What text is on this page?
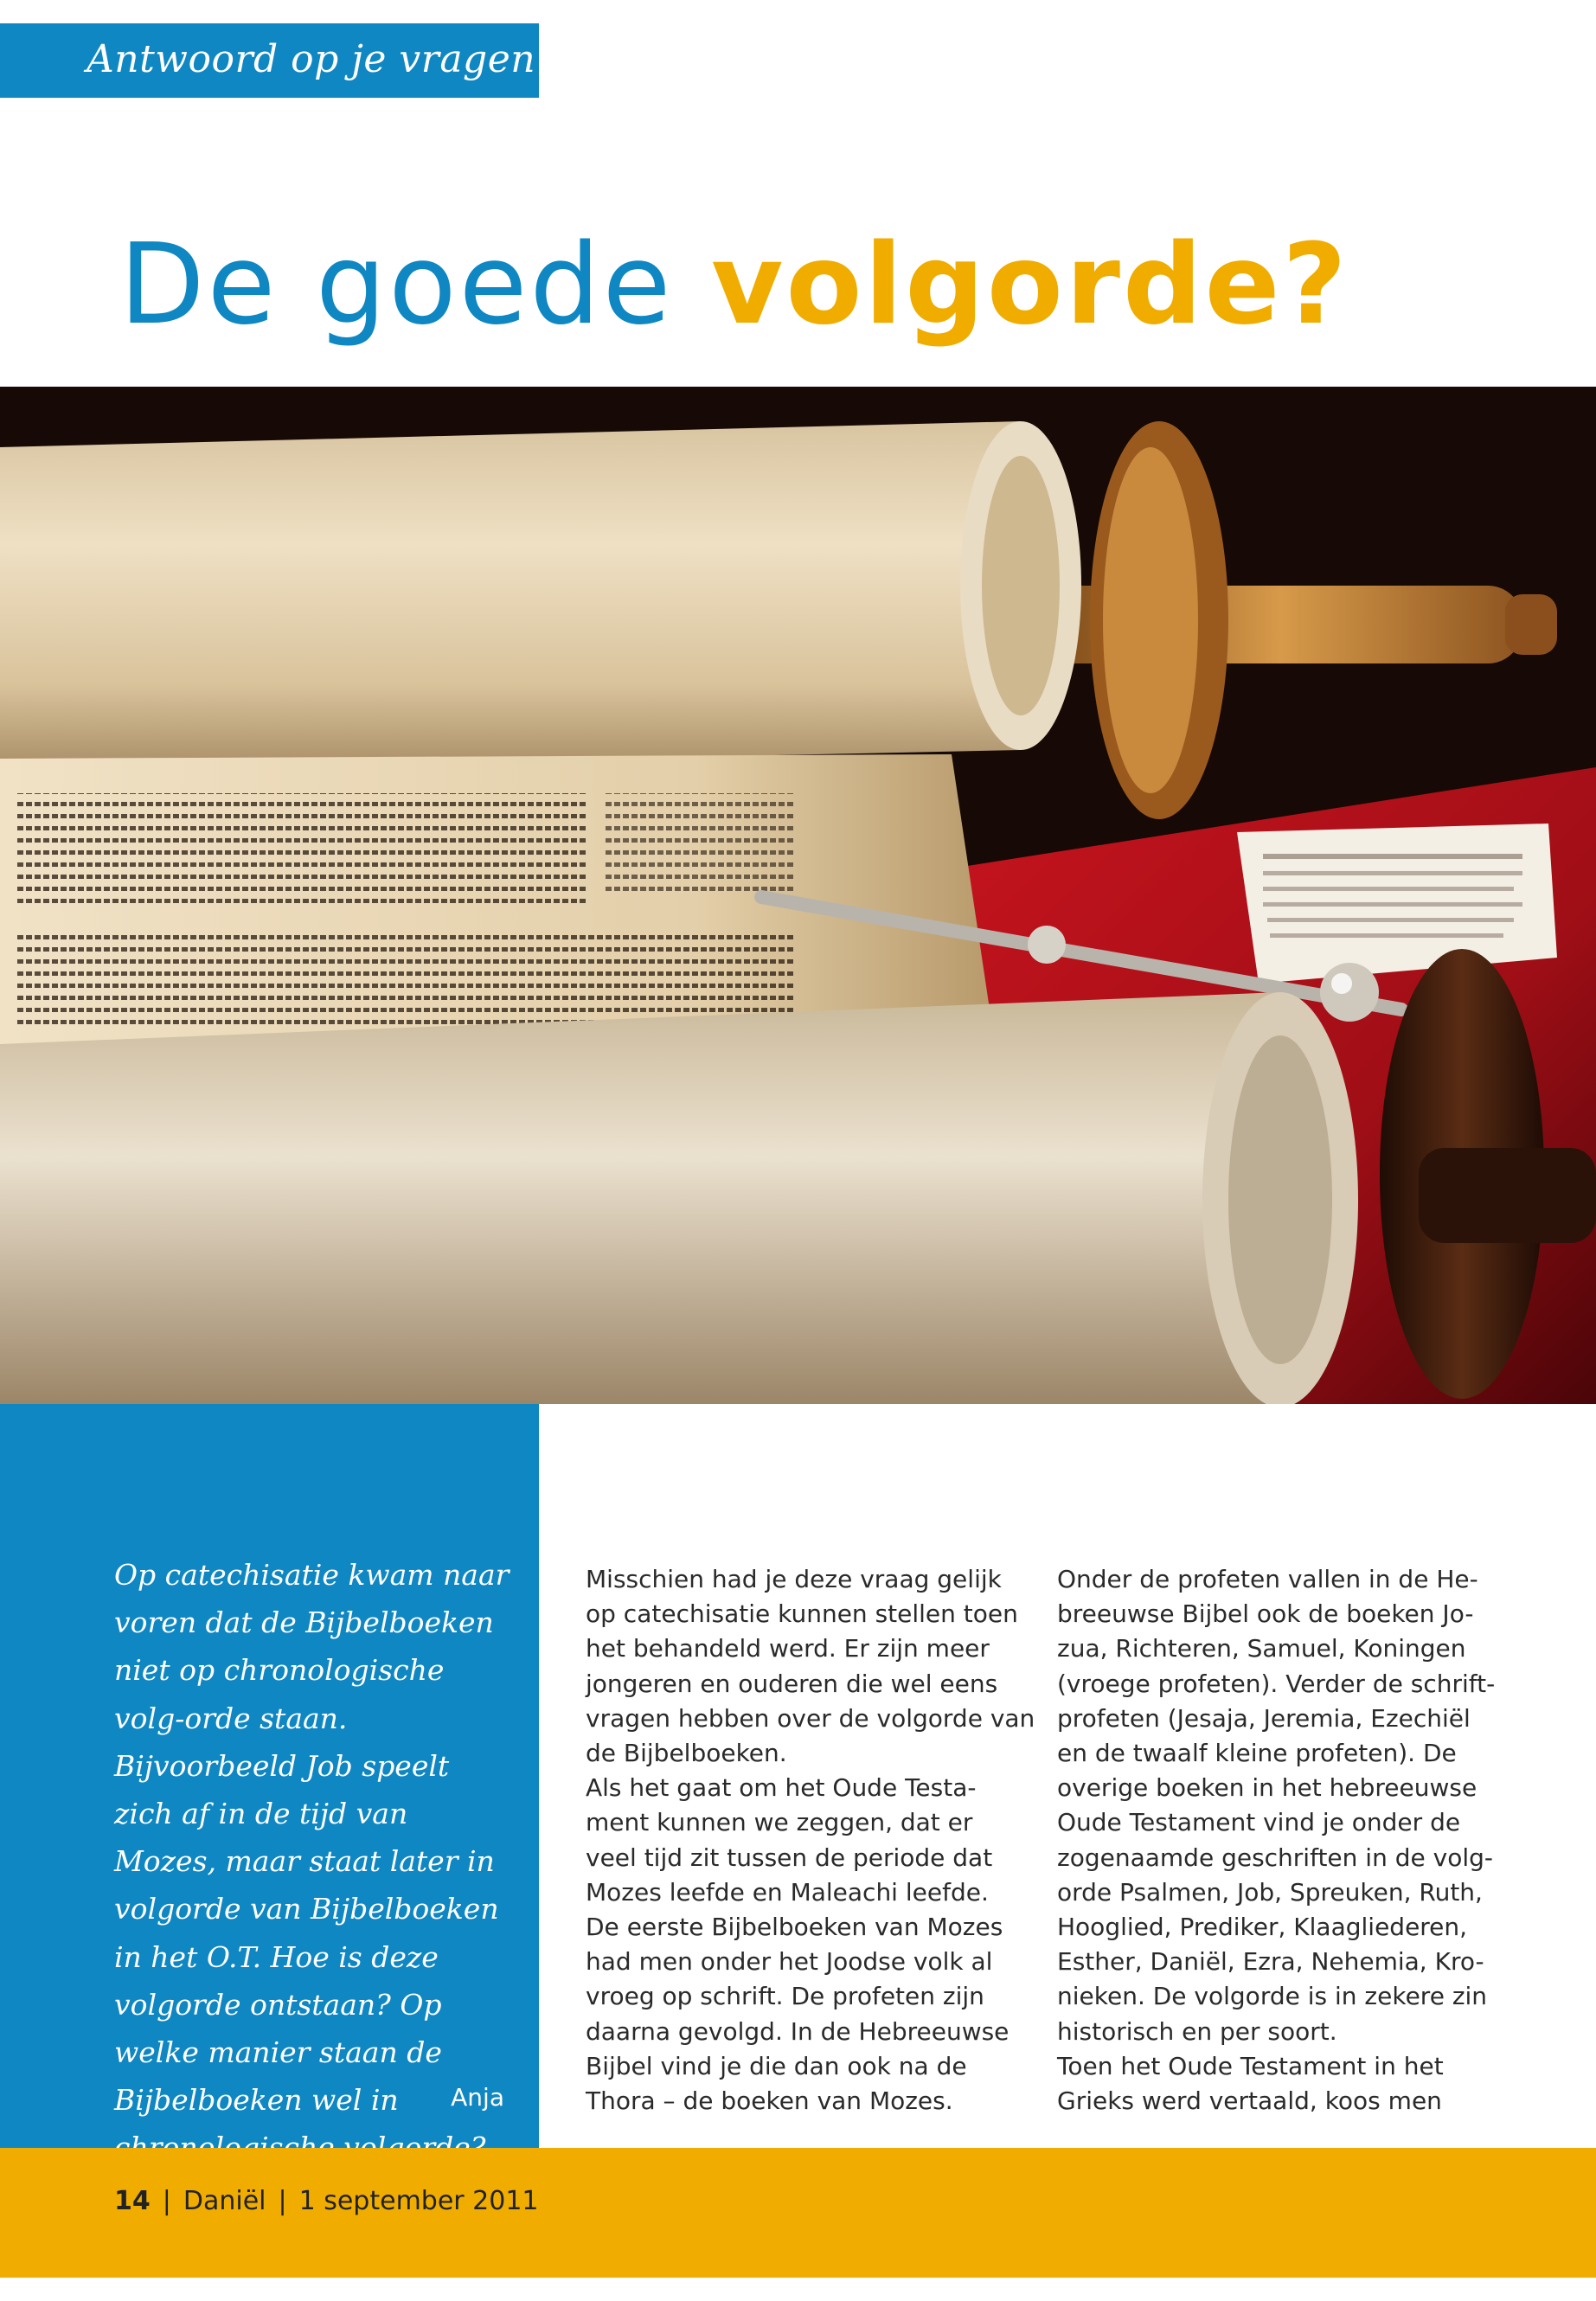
Antwoord op je vragen
De goede volgorde?

Op catechisatie kwam naar voren dat de Bijbelboeken niet op chronologische volg-orde staan. Bijvoorbeeld Job speelt zich af in de tijd van Mozes, maar staat later in volgorde van Bijbelboeken in het O.T. Hoe is deze volgorde ontstaan? Op welke manier staan de Bijbelboeken wel in	Anja

Misschien had je deze vraag gelijk
op catechisatie kunnen stellen toen
het behandeld werd. Er zijn meer
jongeren en ouderen die wel eens
vragen hebben over de volgorde van
de Bijbelboeken.

Als het gaat om het Oude Testa-
ment kunnen we zeggen, dat er
veel tijd zit tussen de periode dat
Mozes leefde en Maleachi leefde.
De eerste Bijbelboeken van Mozes
had men onder het Joodse volk al
vroeg op schrift. De profeten zijn
daarna gevolgd. In de Hebreeuwse
Bijbel vind je die dan ook na de
Thora – de boeken van Mozes.

Onder de profeten vallen in de He-
breeuwse Bijbel ook de boeken Jo-
zua, Richteren, Samuel, Koningen
(vroege profeten). Verder de schrift-
profeten (Jesaja, Jeremia, Ezechiël
en de twaalf kleine profeten). De
overige boeken in het hebreeuwse
Oude Testament vind je onder de
zogenaamde geschriften in de volg-
orde Psalmen, Job, Spreuken, Ruth,
Hooglied, Prediker, Klaagliederen,
Esther, Daniël, Ezra, Nehemia, Kro-
nieken. De volgorde is in zekere zin
historisch en per soort.

Toen het Oude Testament in het
Grieks werd vertaald, koos men

14 | Daniël | 1 september 2011
